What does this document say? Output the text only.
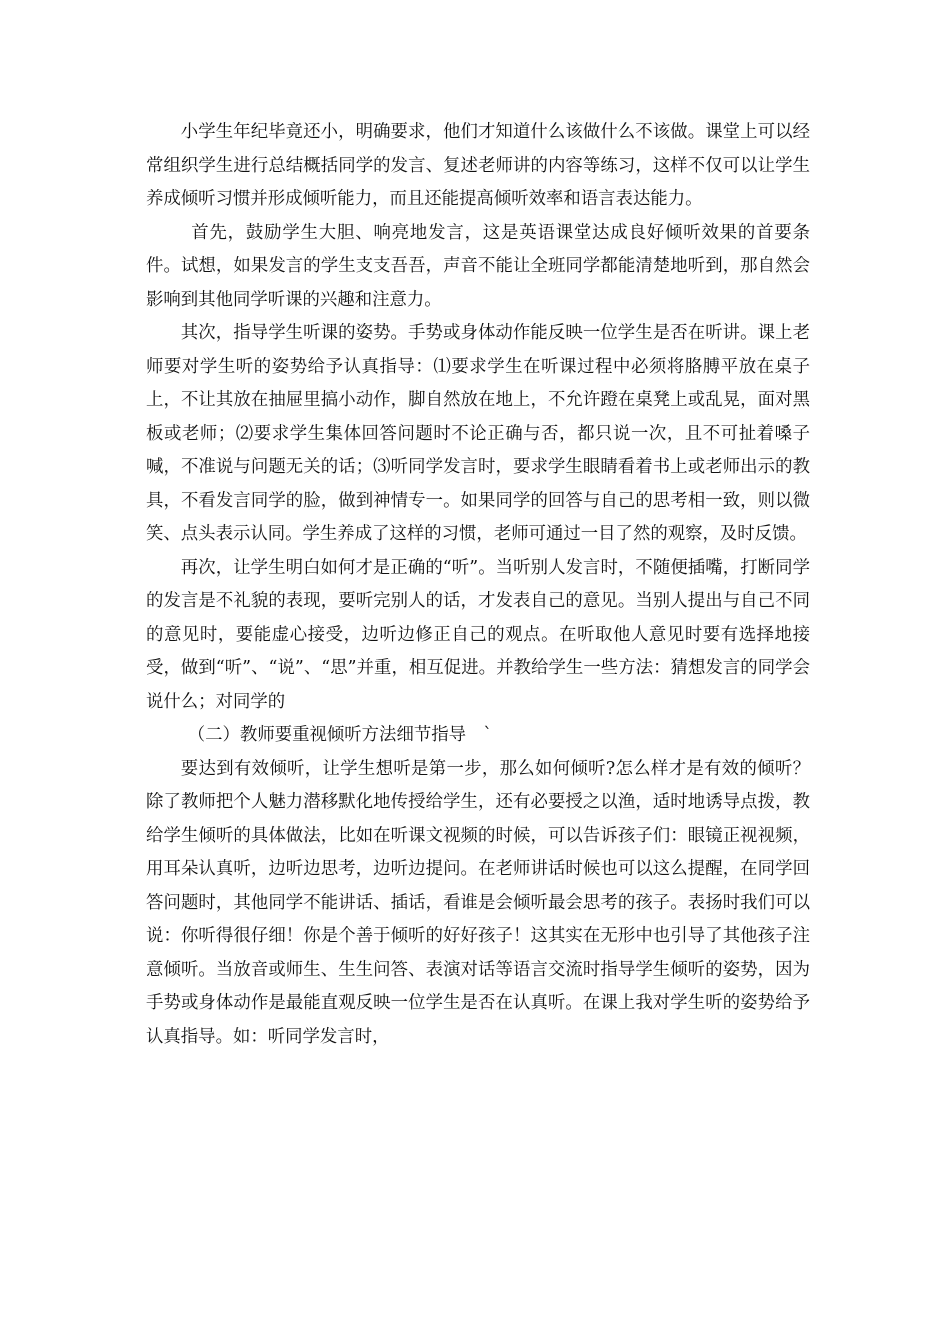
小学生年纪毕竟还小，明确要求，他们才知道什么该做什么不该做。课堂上可以经常组织学生进行总结概括同学的发言、复述老师讲的内容等练习，这样不仅可以让学生养成倾听习惯并形成倾听能力，而且还能提高倾听效率和语言表达能力。

首先，鼓励学生大胆、响亮地发言，这是英语课堂达成良好倾听效果的首要条件。试想，如果发言的学生支支吾吾，声音不能让全班同学都能清楚地听到，那自然会影响到其他同学听课的兴趣和注意力。

其次，指导学生听课的姿势。手势或身体动作能反映一位学生是否在听讲。课上老师要对学生听的姿势给予认真指导：⑴要求学生在听课过程中必须将胳膊平放在桌子上，不让其放在抽屉里搞小动作，脚自然放在地上，不允许蹬在桌凳上或乱晃，面对黑板或老师；⑵要求学生集体回答问题时不论正确与否，都只说一次，且不可扯着嗓子喊，不准说与问题无关的话；⑶听同学发言时，要求学生眼睛看着书上或老师出示的教具，不看发言同学的脸，做到神情专一。如果同学的回答与自己的思考相一致，则以微笑、点头表示认同。学生养成了这样的习惯，老师可通过一目了然的观察，及时反馈。

再次，让学生明白如何才是正确的“听”。当听别人发言时，不随便插嘴，打断同学的发言是不礼貌的表现，要听完别人的话，才发表自己的意见。当别人提出与自己不同的意见时，要能虚心接受，边听边修正自己的观点。在听取他人意见时要有选择地接受，做到“听”、“说”、“思”并重，相互促进。并教给学生一些方法：猜想发言的同学会说什么；对同学的

（二）教师要重视倾听方法细节指导　`

要达到有效倾听，让学生想听是第一步，那么如何倾听?怎么样才是有效的倾听？除了教师把个人魅力潜移默化地传授给学生，还有必要授之以渔，适时地诱导点拨，教给学生倾听的具体做法，比如在听课文视频的时候，可以告诉孩子们：眼镜正视视频，用耳朵认真听，边听边思考，边听边提问。在老师讲话时候也可以这么提醒，在同学回答问题时，其他同学不能讲话、插话，看谁是会倾听最会思考的孩子。表扬时我们可以说：你听得很仔细！你是个善于倾听的好好孩子！这其实在无形中也引导了其他孩子注意倾听。当放音或师生、生生问答、表演对话等语言交流时指导学生倾听的姿势，因为手势或身体动作是最能直观反映一位学生是否在认真听。在课上我对学生听的姿势给予认真指导。如：听同学发言时，
